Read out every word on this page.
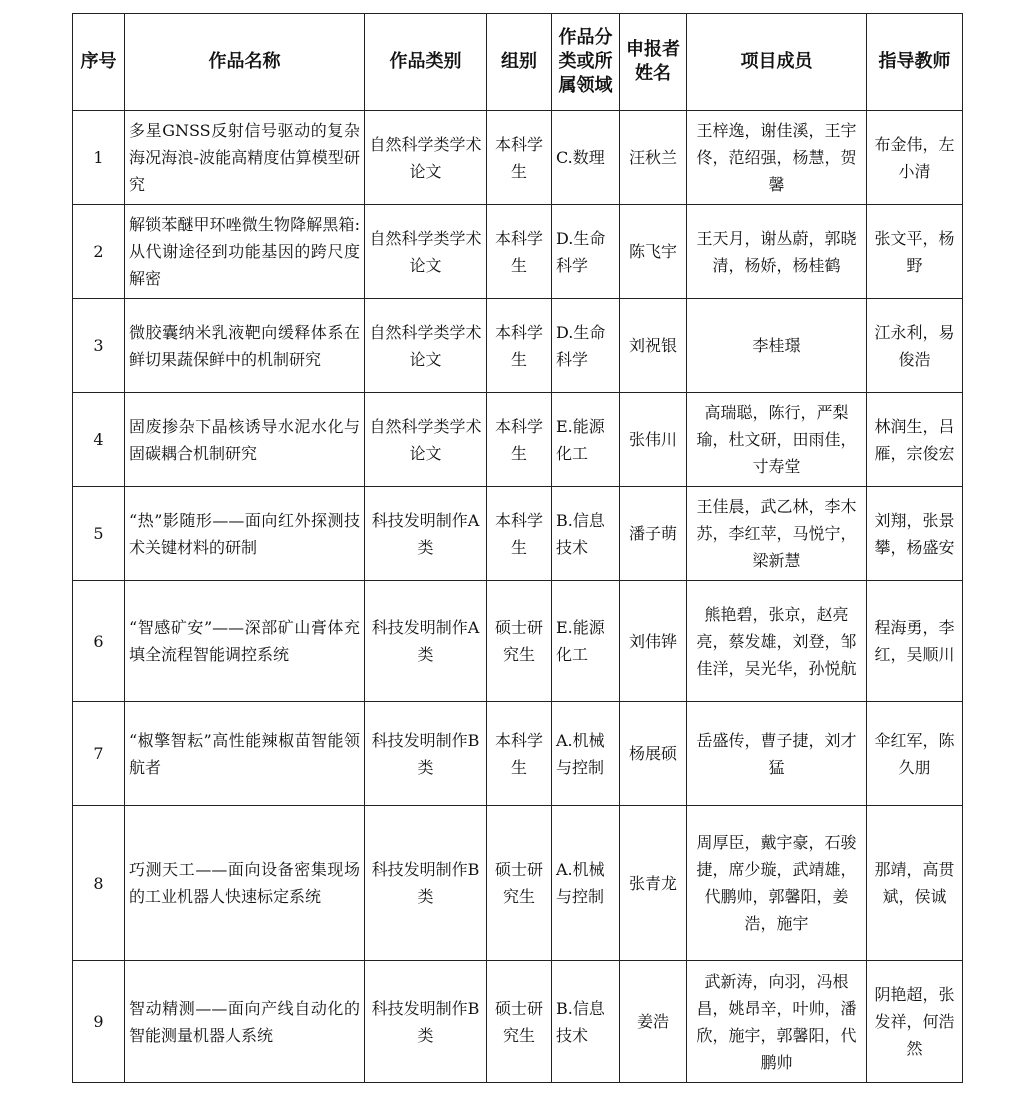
序号	作品名称	作品类别	组别	作品分类或所属领域	申报者姓名	项目成员	指导教师
1	多星GNSS反射信号驱动的复杂海况海浪-波能高精度估算模型研究	自然科学类学术论文	本科学生	C.数理	汪秋兰	王梓逸，谢佳溪，王宇佟，范绍强，杨慧，贺馨	布金伟，左小清
2	解锁苯醚甲环唑微生物降解黑箱:从代谢途径到功能基因的跨尺度解密	自然科学类学术论文	本科学生	D.生命科学	陈飞宇	王天月，谢丛蔚，郭晓清，杨娇，杨桂鹤	张文平，杨野
3	微胶囊纳米乳液靶向缓释体系在鲜切果蔬保鲜中的机制研究	自然科学类学术论文	本科学生	D.生命科学	刘祝银	李桂璟	江永利，易俊浩
4	固废掺杂下晶核诱导水泥水化与固碳耦合机制研究	自然科学类学术论文	本科学生	E.能源化工	张伟川	高瑞聪，陈行，严梨瑜，杜文研，田雨佳，寸寿堂	林润生，吕雁，宗俊宏
5	“热”影随形——面向红外探测技术关键材料的研制	科技发明制作A类	本科学生	B.信息技术	潘子萌	王佳晨，武乙林，李木苏，李红苹，马悦宁，梁新慧	刘翔，张景攀，杨盛安
6	“智感矿安”——深部矿山膏体充填全流程智能调控系统	科技发明制作A类	硕士研究生	E.能源化工	刘伟铧	熊艳碧，张京，赵亮亮，蔡发雄，刘登，邹佳洋，吴光华，孙悦航	程海勇，李红，吴顺川
7	“椒擎智耘”高性能辣椒苗智能领航者	科技发明制作B类	本科学生	A.机械与控制	杨展硕	岳盛传，曹子捷，刘才猛	伞红军，陈久朋
8	巧测天工——面向设备密集现场的工业机器人快速标定系统	科技发明制作B类	硕士研究生	A.机械与控制	张青龙	周厚臣，戴宇豪，石骏捷，席少璇，武靖雄，代鹏帅，郭馨阳，姜浩，施宇	那靖，高贯斌，侯诚
9	智动精测——面向产线自动化的智能测量机器人系统	科技发明制作B类	硕士研究生	B.信息技术	姜浩	武新涛，向羽，冯根昌，姚昂辛，叶帅，潘欣，施宇，郭馨阳，代鹏帅	阴艳超，张发祥，何浩然
